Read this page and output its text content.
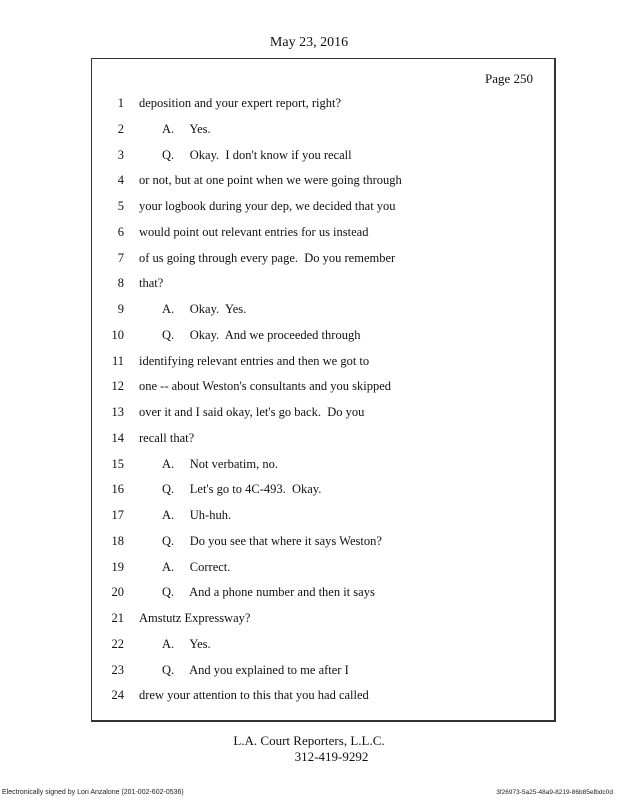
May 23, 2016
Page 250
1 deposition and your expert report, right?
2	A.     Yes.
3	Q.     Okay.  I don't know if you recall
4 or not, but at one point when we were going through
5 your logbook during your dep, we decided that you
6 would point out relevant entries for us instead
7 of us going through every page.  Do you remember
8 that?
9	A.     Okay.  Yes.
10	Q.     Okay.  And we proceeded through
11 identifying relevant entries and then we got to
12 one -- about Weston's consultants and you skipped
13 over it and I said okay, let's go back.  Do you
14 recall that?
15	A.     Not verbatim, no.
16	Q.     Let's go to 4C-493.  Okay.
17	A.     Uh-huh.
18	Q.     Do you see that where it says Weston?
19	A.     Correct.
20	Q.     And a phone number and then it says
21 Amstutz Expressway?
22	A.     Yes.
23	Q.     And you explained to me after I
24 drew your attention to this that you had called
L.A. Court Reporters, L.L.C.
312-419-9292
Electronically signed by Lori Anzalone (201-002-602-0536)	3f26973-5a25-48a9-8219-86b85efbdc0d
